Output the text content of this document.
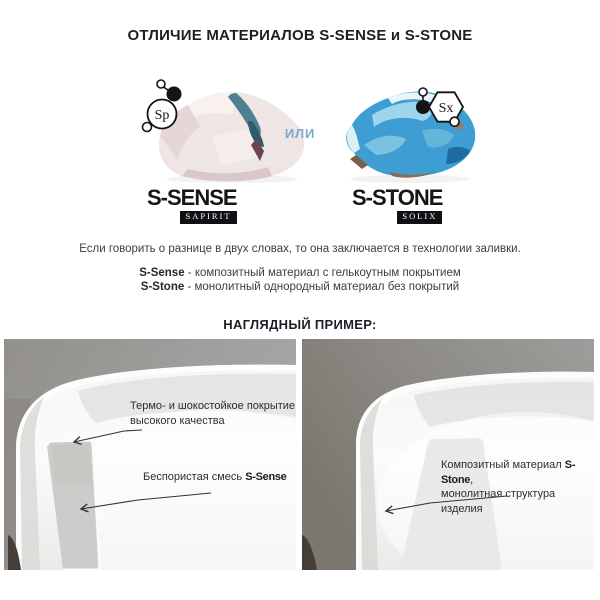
ОТЛИЧИЕ МАТЕРИАЛОВ S-SENSE и S-STONE
Sp
ИЛИ
Sx
S-SENSE
SAPIRIT
S-STONE
SOLIX

Если говорить о разнице в двух словах, то она заключается в технологии заливки.

S-Sense - композитный материал с гелькоутным покрытием

S-Stone - монолитный однородный материал без покрытий

НАГЛЯДНЫЙ ПРИМЕР:
Термо- и шокостойкое покрытие высокого качества
Беспористая смесь S-Sense
Композитный материал S-Stone,
монолитная структура изделия
